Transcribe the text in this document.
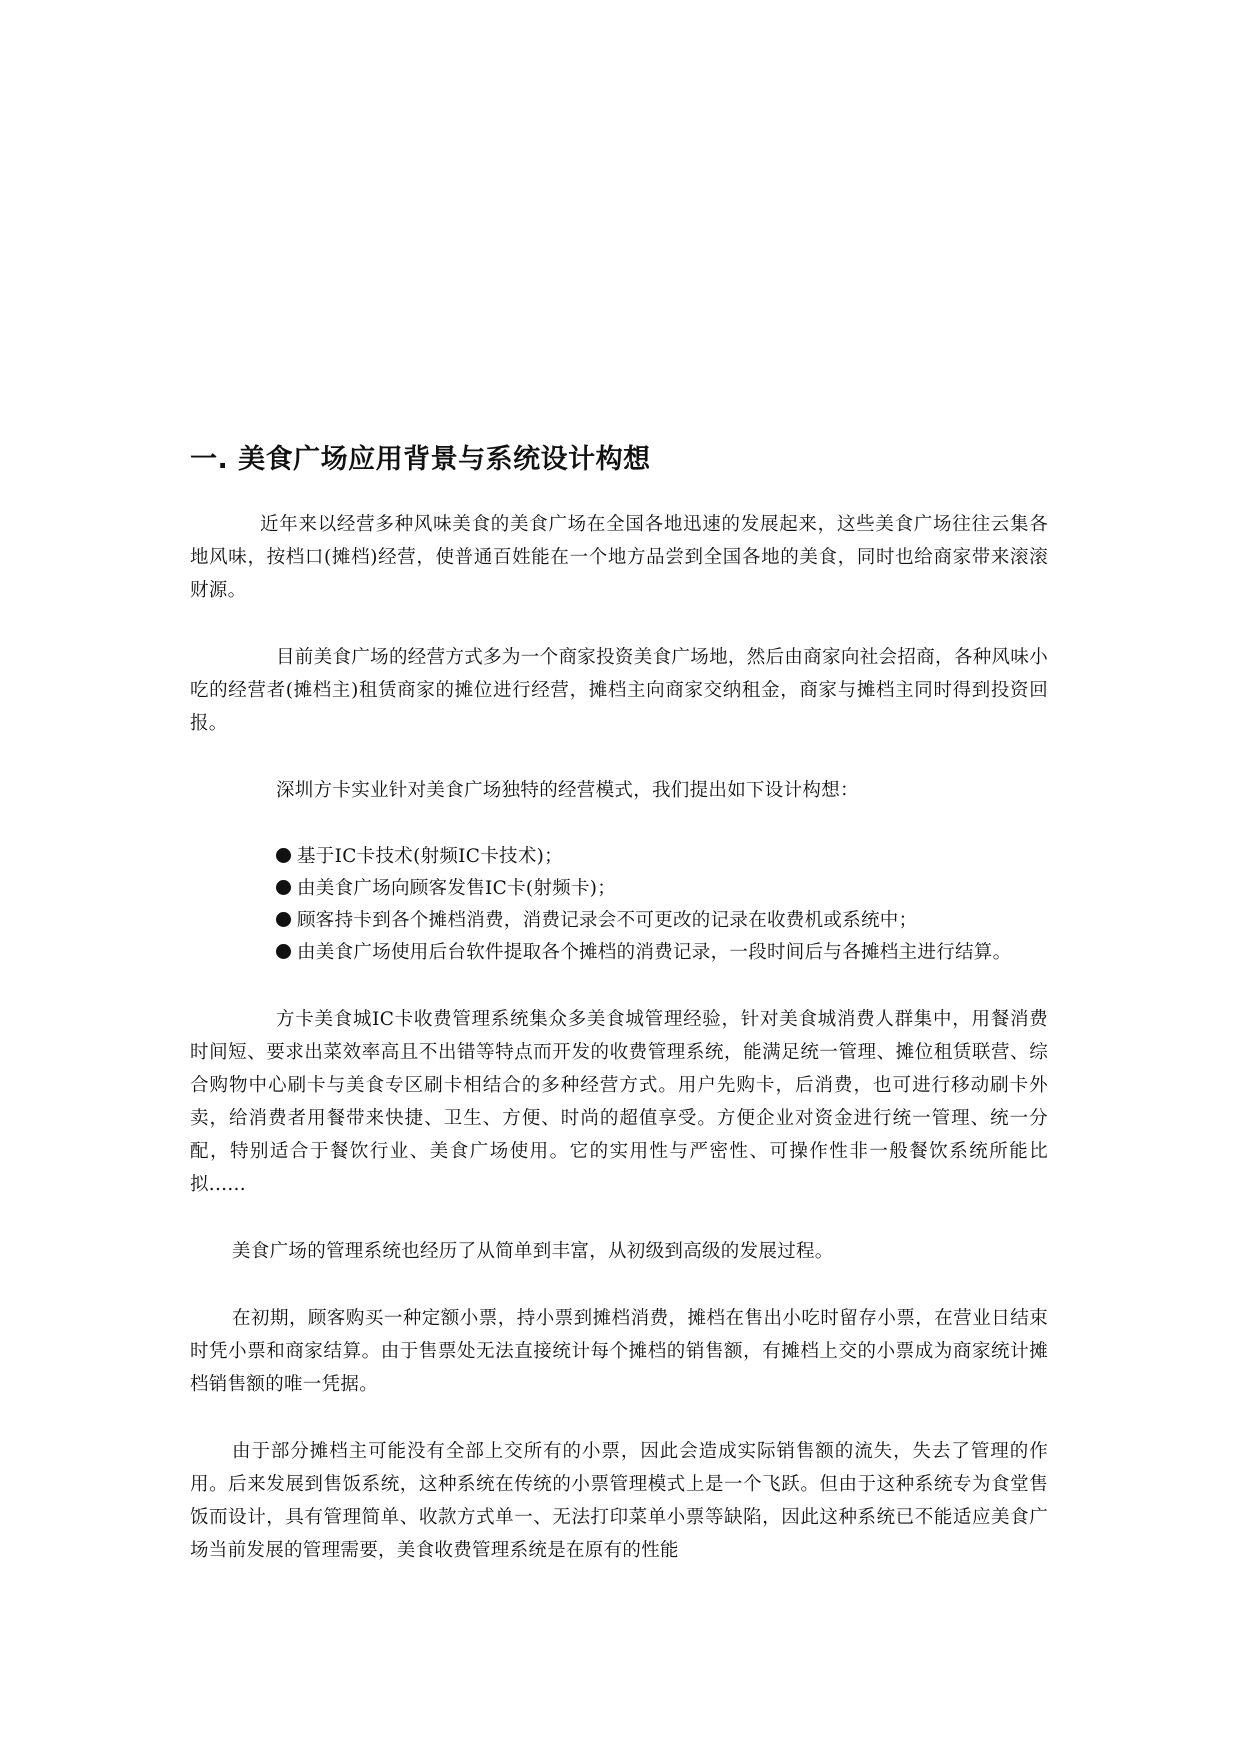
一. 美食广场应用背景与系统设计构想

近年来以经营多种风味美食的美食广场在全国各地迅速的发展起来，这些美食广场往往云集各地风味，按档口(摊档)经营，使普通百姓能在一个地方品尝到全国各地的美食，同时也给商家带来滚滚财源。

目前美食广场的经营方式多为一个商家投资美食广场地，然后由商家向社会招商，各种风味小吃的经营者(摊档主)租赁商家的摊位进行经营，摊档主向商家交纳租金，商家与摊档主同时得到投资回报。

深圳方卡实业针对美食广场独特的经营模式，我们提出如下设计构想：

基于IC卡技术(射频IC卡技术)；
由美食广场向顾客发售IC卡(射频卡)；
顾客持卡到各个摊档消费，消费记录会不可更改的记录在收费机或系统中；
由美食广场使用后台软件提取各个摊档的消费记录，一段时间后与各摊档主进行结算。

方卡美食城IC卡收费管理系统集众多美食城管理经验，针对美食城消费人群集中，用餐消费时间短、要求出菜效率高且不出错等特点而开发的收费管理系统，能满足统一管理、摊位租赁联营、综合购物中心刷卡与美食专区刷卡相结合的多种经营方式。用户先购卡，后消费，也可进行移动刷卡外卖，给消费者用餐带来快捷、卫生、方便、时尚的超值享受。方便企业对资金进行统一管理、统一分配，特别适合于餐饮行业、美食广场使用。它的实用性与严密性、可操作性非一般餐饮系统所能比拟......

美食广场的管理系统也经历了从简单到丰富，从初级到高级的发展过程。

在初期，顾客购买一种定额小票，持小票到摊档消费，摊档在售出小吃时留存小票，在营业日结束时凭小票和商家结算。由于售票处无法直接统计每个摊档的销售额，有摊档上交的小票成为商家统计摊档销售额的唯一凭据。

由于部分摊档主可能没有全部上交所有的小票，因此会造成实际销售额的流失，失去了管理的作用。后来发展到售饭系统，这种系统在传统的小票管理模式上是一个飞跃。但由于这种系统专为食堂售饭而设计，具有管理简单、收款方式单一、无法打印菜单小票等缺陷，因此这种系统已不能适应美食广场当前发展的管理需要，美食收费管理系统是在原有的性能
